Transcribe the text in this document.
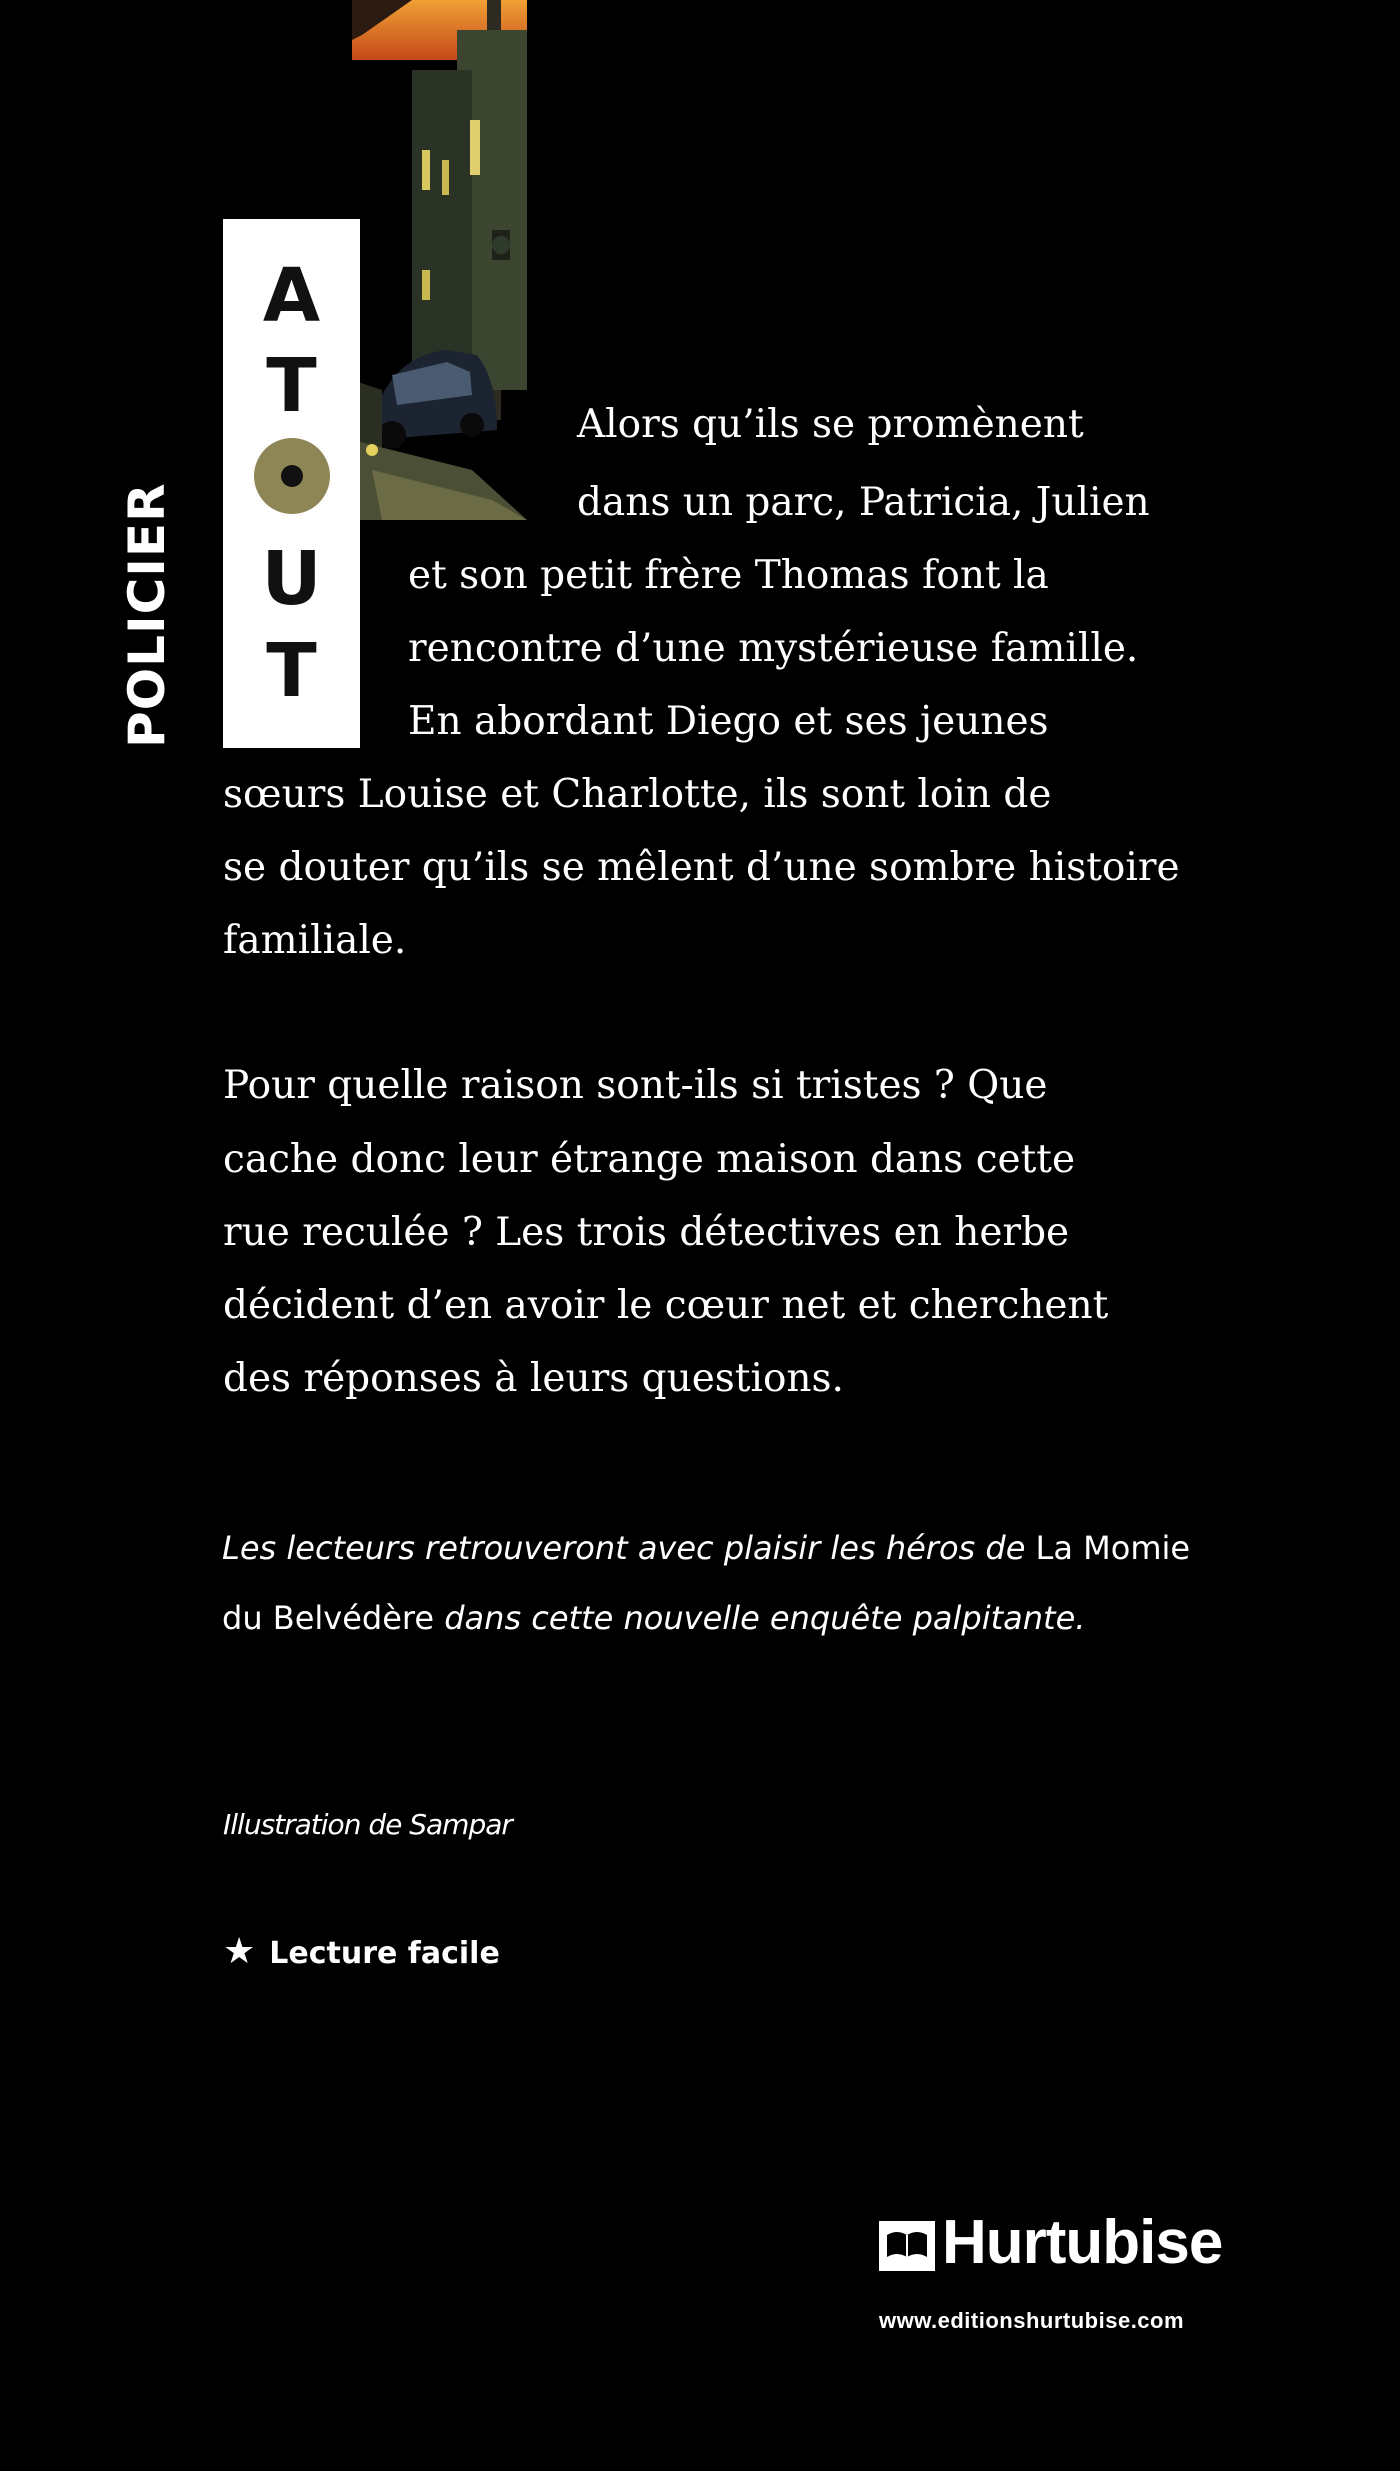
A
T
U
T
POLICIER
Alors qu’ils se promènent
dans un parc, Patricia, Julien
et son petit frère Thomas font la
rencontre d’une mystérieuse famille.
En abordant Diego et ses jeunes
sœurs Louise et Charlotte, ils sont loin de
se douter qu’ils se mêlent d’une sombre histoire
familiale.
Pour quelle raison sont-ils si tristes ? Que
cache donc leur étrange maison dans cette
rue reculée ? Les trois détectives en herbe
décident d’en avoir le cœur net et cherchent
des réponses à leurs questions.
Les lecteurs retrouveront avec plaisir les héros de La Momie du Belvédère dans cette nouvelle enquête palpitante.
Illustration de Sampar
★ Lecture facile
Hurtubise
www.editionshurtubise.com
